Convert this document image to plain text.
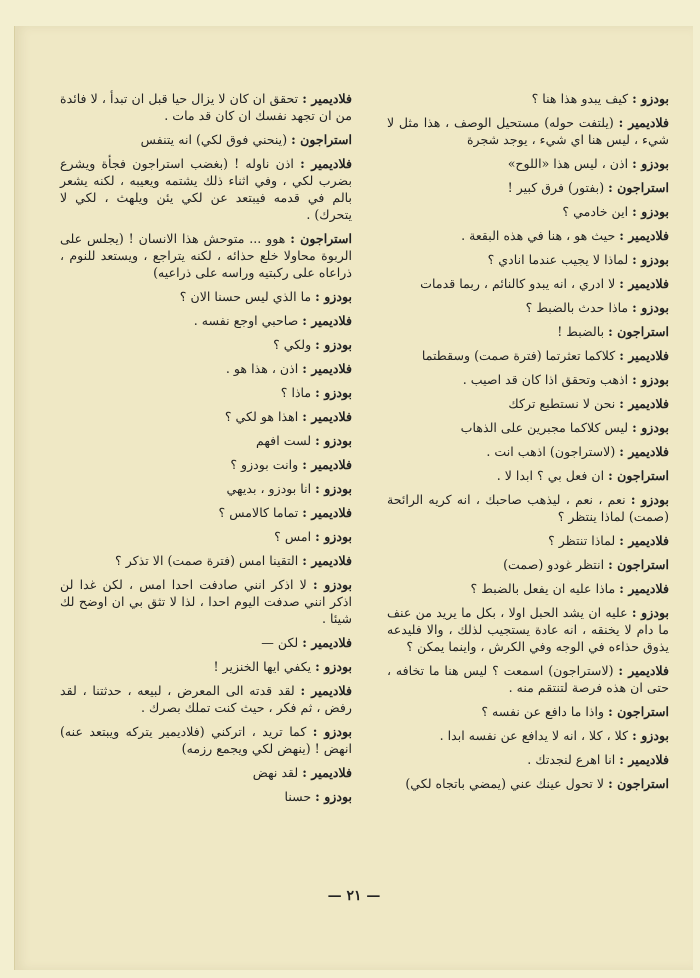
بودزو : كيف يبدو هذا هنا ؟
فلاديمير : (يلتفت حوله) مستحيل الوصف ، هذا مثل لا شيء ، ليس هنا اي شيء ، يوجد شجرة
بودزو : اذن ، ليس هذا «اللوح»
استراجون : (بفتور) فرق كبير !
بودزو : اين خادمي ؟
فلاديمير : حيث هو ، هنا في هذه البقعة .
بودزو : لماذا لا يجيب عندما انادي ؟
فلاديمير : لا ادري ، انه يبدو كالنائم ، ربما قدمات
بودزو : ماذا حدث بالضبط ؟
استراجون : بالضبط !
فلاديمير : كلاكما تعثرتما (فترة صمت) وسقطتما
بودزو : اذهب وتحقق اذا كان قد اصيب .
فلاديمير : نحن لا نستطيع تركك
بودزو : ليس كلاكما مجبرين على الذهاب
فلاديمير : (لاستراجون) اذهب انت .
استراجون : ان فعل بي ؟ ابدا لا .
بودزو : نعم ، نعم ، ليذهب صاحبك ، انه كريه الرائحة (صمت) لماذا ينتظر ؟
فلاديمير : لماذا تنتظر ؟
استراجون : انتظر غودو (صمت)
فلاديمير : ماذا عليه ان يفعل بالضبط ؟
بودزو : عليه ان يشد الحبل اولا ، بكل ما يريد من عنف ما دام لا يخنقه ، انه عادة يستجيب لذلك ، والا فليدعه يذوق حذاءه في الوجه وفي الكرش ، واينما يمكن ؟
فلاديمير : (لاستراجون) اسمعت ؟ ليس هنا ما تخافه ، حتى ان هذه فرصة لتنتقم منه .
استراجون : واذا ما دافع عن نفسه ؟
بودزو : كلا ، كلا ، انه لا يدافع عن نفسه ابدا .
فلاديمير : انا اهرع لنجدتك .
استراجون : لا تحول عينك عني (يمضي باتجاه لكي)
فلاديمير : تحقق ان كان لا يزال حيا قبل ان تبدأ ، لا فائدة من ان تجهد نفسك ان كان قد مات .
استراجون : (ينحني فوق لكي) انه يتنفس
فلاديمير : اذن ناوله ! (بغضب استراجون فجأة ويشرع بضرب لكي ، وفي اثناء ذلك يشتمه ويعيبه ، لكنه يشعر بالم في قدمه فيبتعد عن لكي يئن ويلهث ، لكي لا يتحرك) .
استراجون : هوو ... متوحش هذا الانسان ! (يجلس على الربوة محاولا خلع حذائه ، لكنه يتراجع ، ويستعد للنوم ، ذراعاه على ركبتيه وراسه على ذراعيه)
بودزو : ما الذي ليس حسنا الان ؟
فلاديمير : صاحبي اوجع نفسه .
بودزو : ولكي ؟
فلاديمير : اذن ، هذا هو .
بودزو : ماذا ؟
فلاديمير : اهذا هو لكي ؟
بودزو : لست افهم
فلاديمير : وانت بودزو ؟
بودزو : انا بودزو ، بديهي
فلاديمير : تماما كالامس ؟
بودزو : امس ؟
فلاديمير : التقينا امس (فترة صمت) الا تذكر ؟
بودزو : لا اذكر انني صادفت احدا امس ، لكن غدا لن اذكر انني صدفت اليوم احدا ، لذا لا تثق بي ان اوضح لك شيئا .
فلاديمير : لكن —
بودزو : يكفي ايها الخنزير !
فلاديمير : لقد قدته الى المعرض ، لبيعه ، حدثتنا ، لقد رفض ، ثم فكر ، حيث كنت تملك بصرك .
بودزو : كما تريد ، اتركني (فلاديمير يتركه ويبتعد عنه) انهض ! (ينهض لكي ويجمع رزمه)
فلاديمير : لقد نهض
بودزو : حسنا
— ٢١ —
